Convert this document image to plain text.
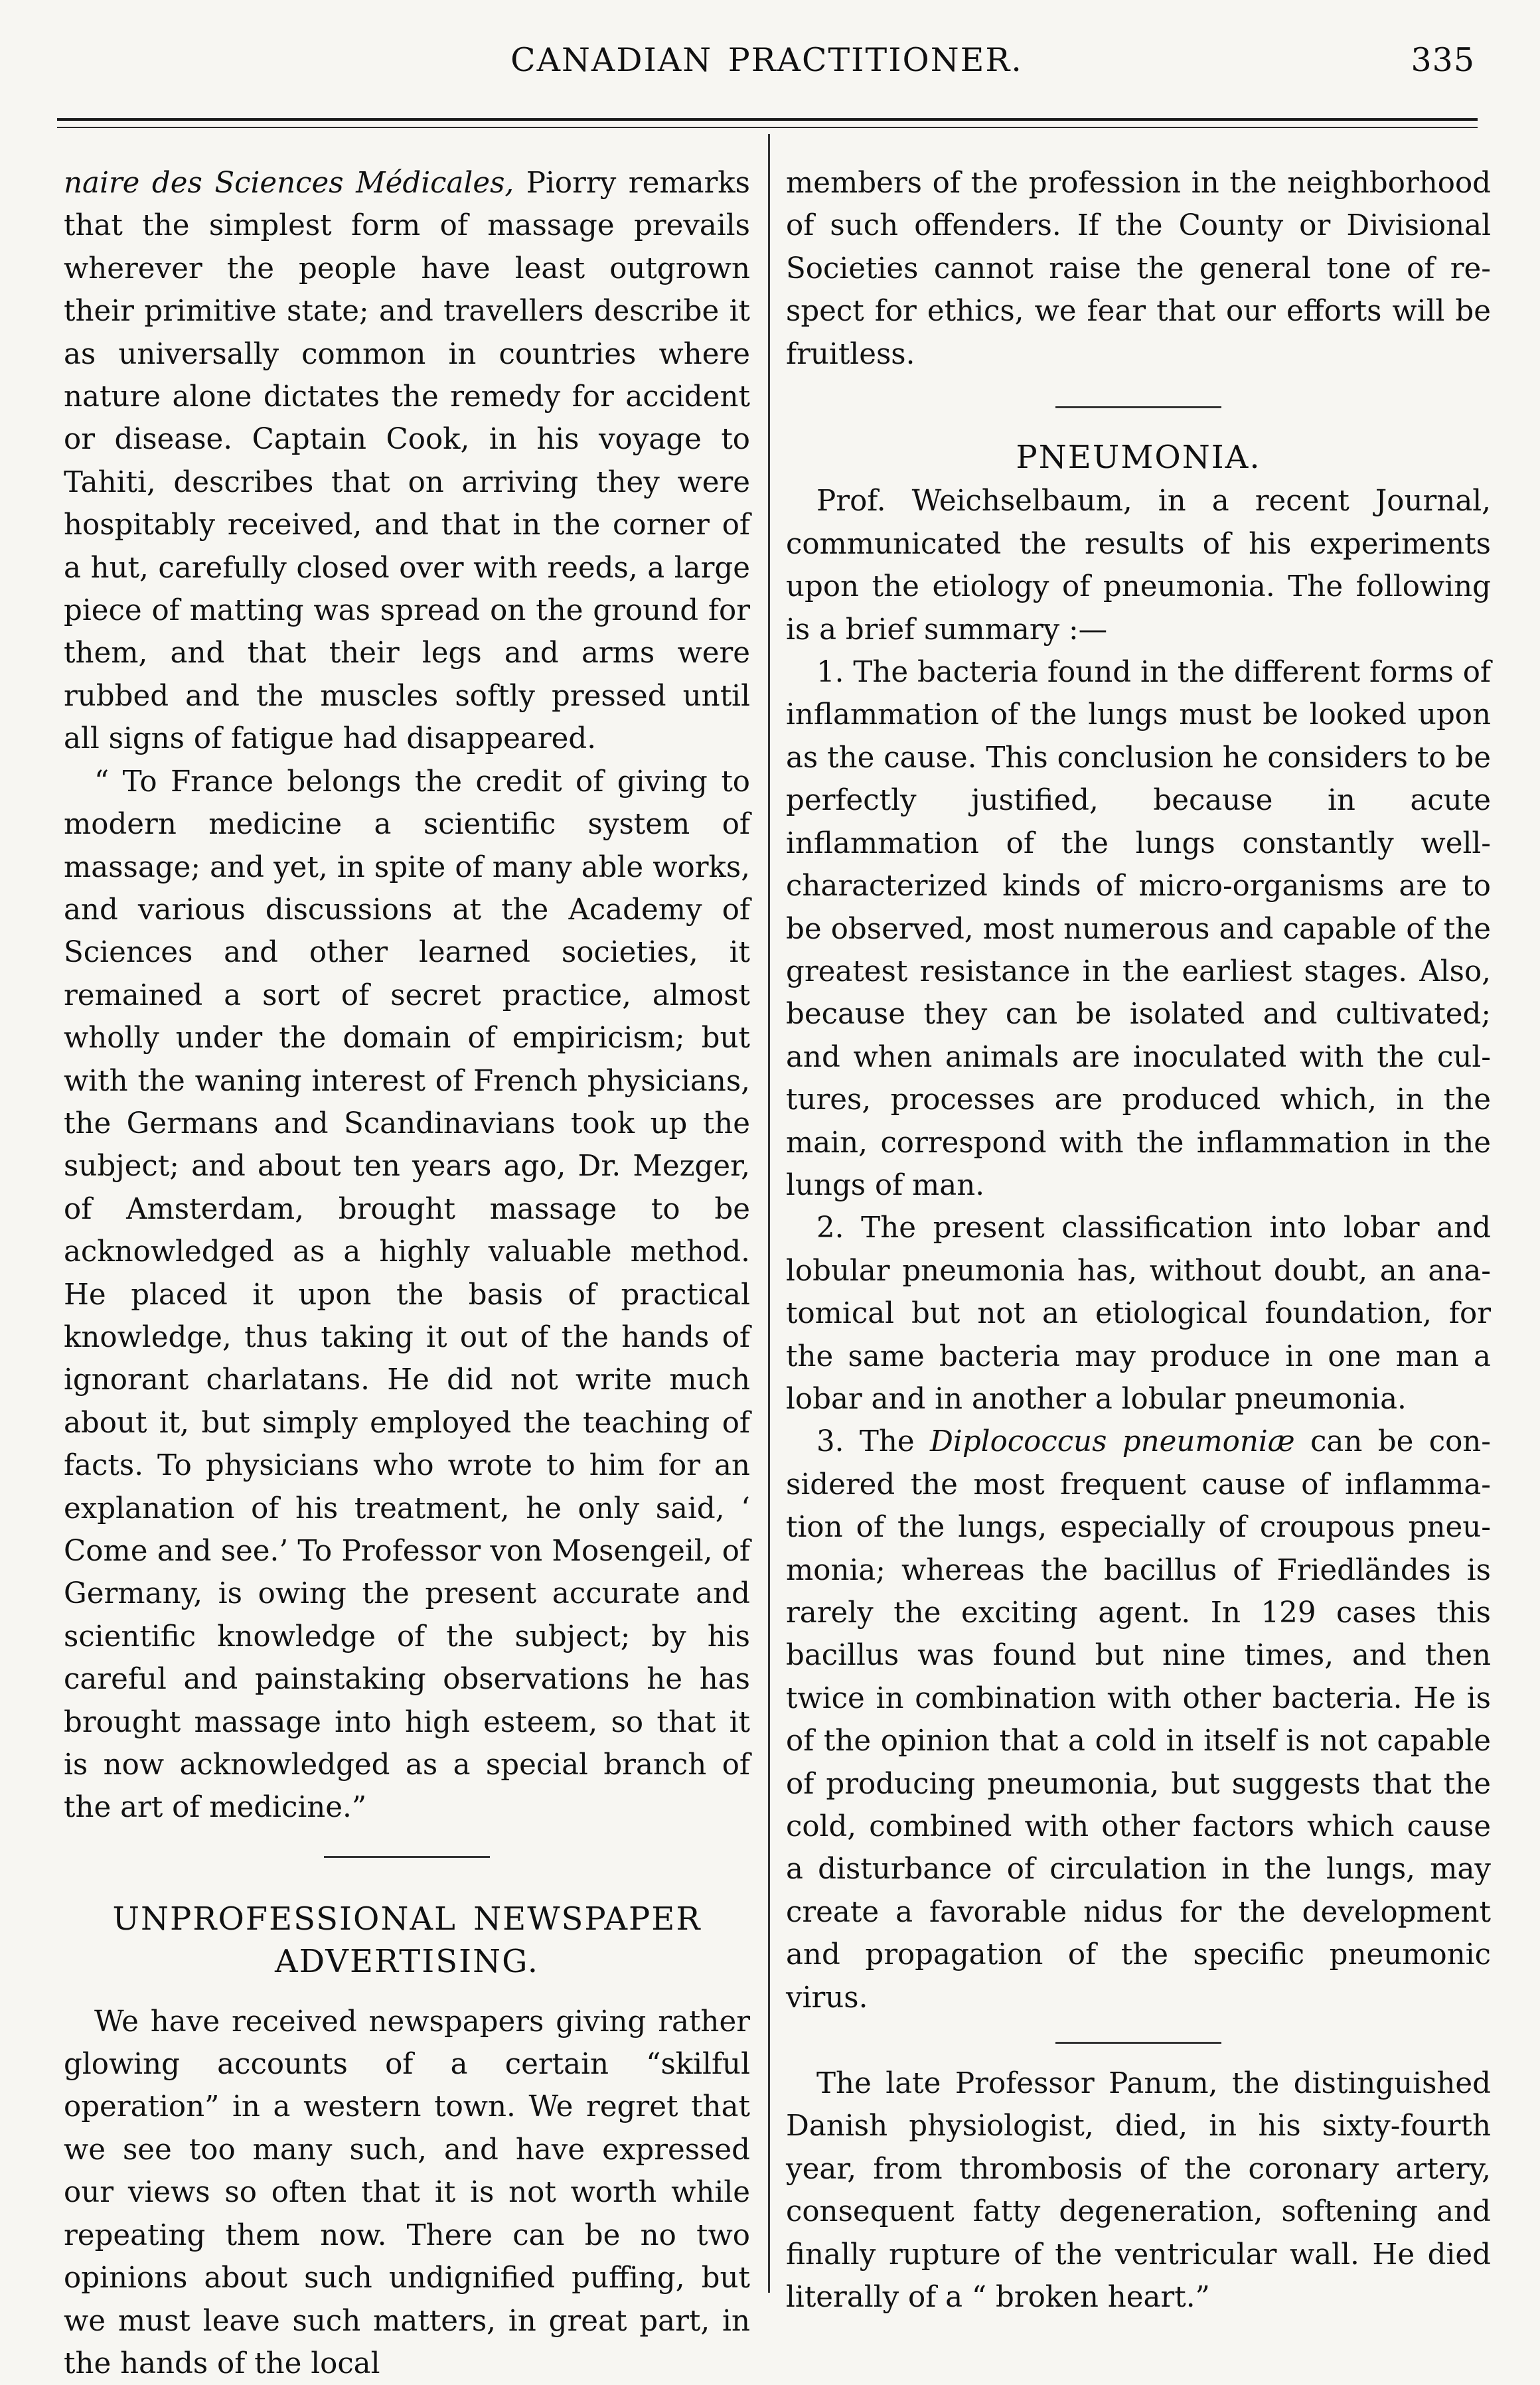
CANADIAN PRACTITIONER.	335

naire des Sciences Médicales, Piorry remarks that the simplest form of massage prevails wherever the people have least outgrown their primitive state; and travellers describe it as universally common in countries where nature alone dictates the remedy for accident or disease. Captain Cook, in his voyage to Tahiti, describes that on arriving they were hospitably received, and that in the corner of a hut, carefully closed over with reeds, a large piece of matting was spread on the ground for them, and that their legs and arms were rubbed and the muscles softly pressed until all signs of fatigue had disappeared.

“ To France belongs the credit of giving to modern medicine a scientific system of massage; and yet, in spite of many able works, and various discussions at the Academy of Sciences and other learned societies, it remained a sort of secret practice, almost wholly under the domain of empiricism; but with the waning interest of French physicians, the Germans and Scandinavians took up the subject; and about ten years ago, Dr. Mezger, of Amsterdam, brought massage to be acknowledged as a highly valuable method. He placed it upon the basis of practical knowledge, thus taking it out of the hands of ignorant charlatans. He did not write much about it, but simply employed the teaching of facts. To physicians who wrote to him for an explanation of his treatment, he only said, ‘ Come and see.’ To Professor von Mosengeil, of Germany, is owing the present accurate and scientific knowledge of the subject; by his careful and painstaking observations he has brought massage into high esteem, so that it is now acknowledged as a special branch of the art of medicine.”

UNPROFESSIONAL NEWSPAPER ADVERTISING.

We have received newspapers giving rather glowing accounts of a certain “skilful operation” in a western town. We regret that we see too many such, and have expressed our views so often that it is not worth while repeating them now. There can be no two opinions about such undignified puffing, but we must leave such matters, in great part, in the hands of the local

members of the profession in the neighborhood of such offenders. If the County or Divisional Societies cannot raise the general tone of respect for ethics, we fear that our efforts will be fruitless.

PNEUMONIA.

Prof. Weichselbaum, in a recent Journal, communicated the results of his experiments upon the etiology of pneumonia. The following is a brief summary :—

1. The bacteria found in the different forms of inflammation of the lungs must be looked upon as the cause. This conclusion he considers to be perfectly justified, because in acute inflammation of the lungs constantly well-characterized kinds of micro-organisms are to be observed, most numerous and capable of the greatest resistance in the earliest stages. Also, because they can be isolated and cultivated; and when animals are inoculated with the cultures, processes are produced which, in the main, correspond with the inflammation in the lungs of man.

2. The present classification into lobar and lobular pneumonia has, without doubt, an anatomical but not an etiological foundation, for the same bacteria may produce in one man a lobar and in another a lobular pneumonia.

3. The Diplococcus pneumoniæ can be considered the most frequent cause of inflammation of the lungs, especially of croupous pneumonia; whereas the bacillus of Friedländes is rarely the exciting agent. In 129 cases this bacillus was found but nine times, and then twice in combination with other bacteria. He is of the opinion that a cold in itself is not capable of producing pneumonia, but suggests that the cold, combined with other factors which cause a disturbance of circulation in the lungs, may create a favorable nidus for the development and propagation of the specific pneumonic virus.

The late Professor Panum, the distinguished Danish physiologist, died, in his sixty-fourth year, from thrombosis of the coronary artery, consequent fatty degeneration, softening and finally rupture of the ventricular wall. He died literally of a “ broken heart.”
